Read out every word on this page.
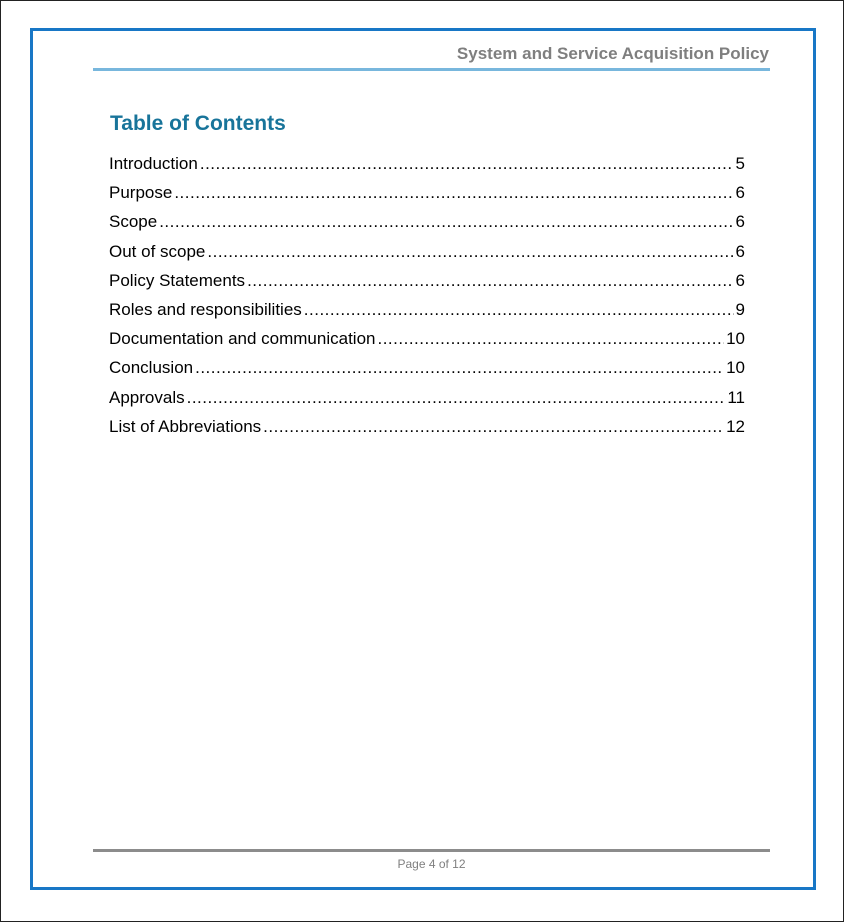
System and Service Acquisition Policy
Table of Contents
Introduction .....	5
Purpose .....	6
Scope .....	6
Out of scope .....	6
Policy Statements .....	6
Roles and responsibilities .....	9
Documentation and communication .....	10
Conclusion .....	10
Approvals .....	11
List of Abbreviations .....	12
Page 4 of 12
